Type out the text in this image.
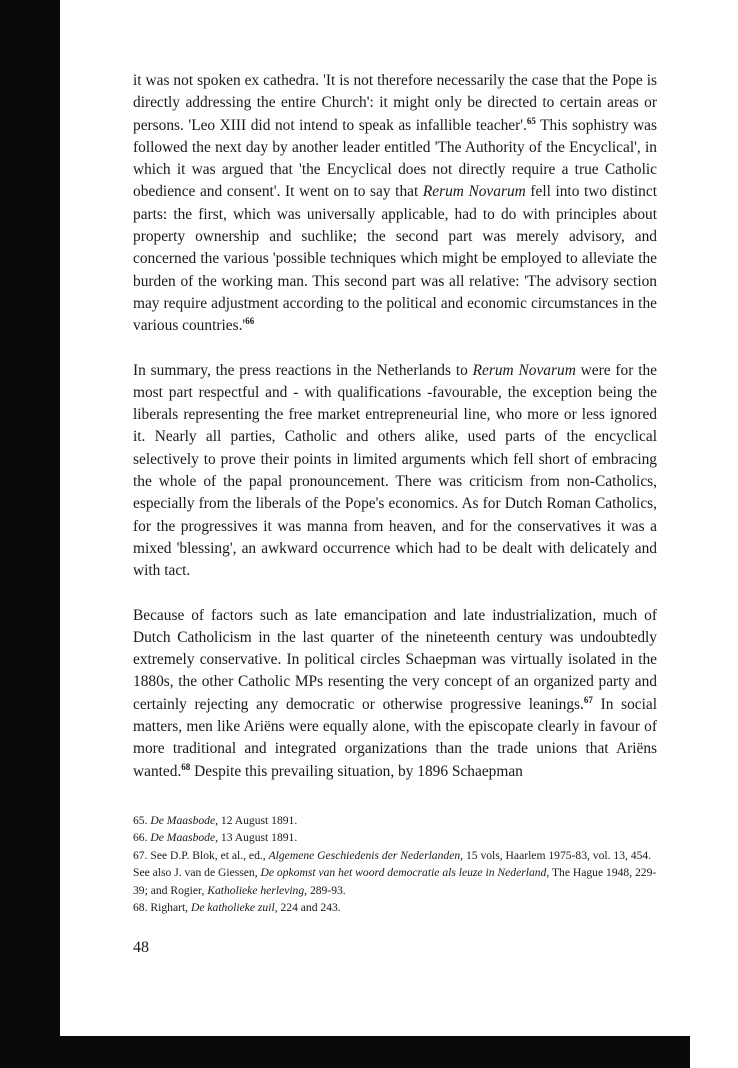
it was not spoken ex cathedra. 'It is not therefore necessarily the case that the Pope is directly addressing the entire Church': it might only be directed to certain areas or persons. 'Leo XIII did not intend to speak as infallible teacher'.$^{65}$ This sophistry was followed the next day by another leader entitled 'The Authority of the Encyclical', in which it was argued that 'the Encyclical does not directly require a true Catholic obedience and consent'. It went on to say that Rerum Novarum fell into two distinct parts: the first, which was universally applicable, had to do with principles about property ownership and suchlike; the second part was merely advisory, and concerned the various 'possible techniques which might be employed to alleviate the burden of the working man. This second part was all relative: 'The advisory section may require adjustment according to the political and economic circumstances in the various $countries.'^{66}$

In summary, the press reactions in the Netherlands to Rerum Novarum were for the most part respectful and - with qualifications -favourable, the exception being the liberals representing the free market entrepreneurial line, who more or less ignored it. Nearly all parties, Catholic and others alike, used parts of the encyclical selectively to prove their points in limited arguments which fell short of embracing the whole of the papal pronouncement. There was criticism from non-Catholics, especially from the liberals of the Pope's economics. As for Dutch Roman Catholics, for the progressives it was manna from heaven, and for the conservatives it was a mixed 'blessing', an awkward occurrence which had to be dealt with delicately and with tact.

Because of factors such as late emancipation and late industrialization, much of Dutch Catholicism in the last quarter of the nineteenth century was undoubtedly extremely conservative. In political circles Schaepman was virtually isolated in the 1880s, the other Catholic MPs resenting the very concept of an organized party and certainly rejecting any democratic or otherwise progressive leanings.$^{67}$ In social matters, men like Ariëns were equally alone, with the episcopate clearly in favour of more traditional and integrated organizations than the trade unions that Ariëns wanted.$^{68}$ Despite this prevailing situation, by 1896 Schaepman

65. De Maasbode, 12 August 1891.

66. De Maasbode, 13 August 1891.

67. See D.P. Blok, et al., ed., Algemene Geschiedenis der Nederlanden, 15 vols, Haarlem 1975-83, vol. 13, 454. See also J. van de Giessen, De opkomst van het woord democratie als leuze in Nederland, The Hague 1948, 229-39; and Rogier, Katholieke herleving, 289-93.

68. Righart, De katholieke zuil, 224 and 243.

48
